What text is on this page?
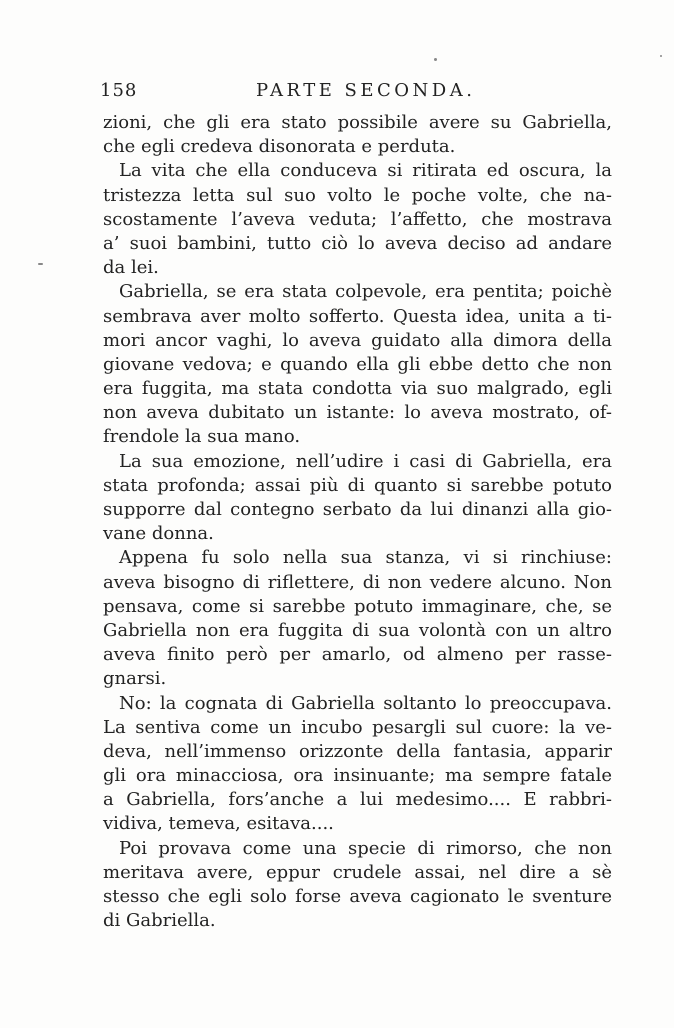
158	PARTE SECONDA.
zioni, che gli era stato possibile avere su Gabriella,
che egli credeva disonorata e perduta.
La vita che ella conduceva si ritirata ed oscura, la
tristezza letta sul suo volto le poche volte, che na-
scostamente l’aveva veduta; l’affetto, che mostrava
a’ suoi bambini, tutto ciò lo aveva deciso ad andare
da lei.
Gabriella, se era stata colpevole, era pentita; poichè
sembrava aver molto sofferto. Questa idea, unita a ti-
mori ancor vaghi, lo aveva guidato alla dimora della
giovane vedova; e quando ella gli ebbe detto che non
era fuggita, ma stata condotta via suo malgrado, egli
non aveva dubitato un istante: lo aveva mostrato, of-
frendole la sua mano.
La sua emozione, nell’udire i casi di Gabriella, era
stata profonda; assai più di quanto si sarebbe potuto
supporre dal contegno serbato da lui dinanzi alla gio-
vane donna.
Appena fu solo nella sua stanza, vi si rinchiuse:
aveva bisogno di riflettere, di non vedere alcuno. Non
pensava, come si sarebbe potuto immaginare, che, se
Gabriella non era fuggita di sua volontà con un altro
aveva finito però per amarlo, od almeno per rasse-
gnarsi.
No: la cognata di Gabriella soltanto lo preoccupava.
La sentiva come un incubo pesargli sul cuore: la ve-
deva, nell’immenso orizzonte della fantasia, apparir
gli ora minacciosa, ora insinuante; ma sempre fatale
a Gabriella, fors’anche a lui medesimo.... E rabbri-
vidiva, temeva, esitava....
Poi provava come una specie di rimorso, che non
meritava avere, eppur crudele assai, nel dire a sè
stesso che egli solo forse aveva cagionato le sventure
di Gabriella.
